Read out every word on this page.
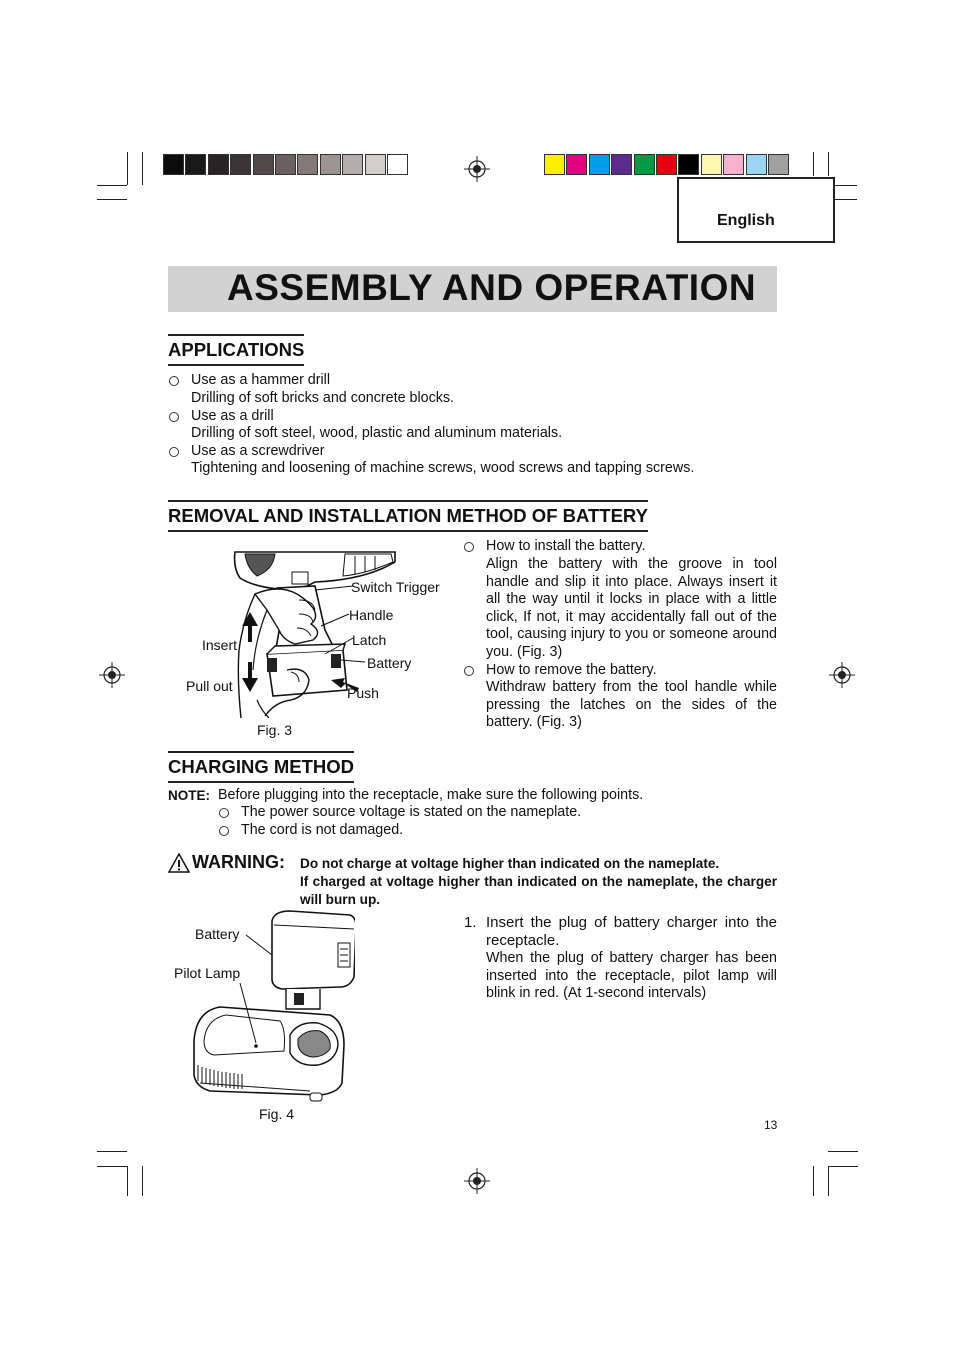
English
ASSEMBLY AND OPERATION
APPLICATIONS
Use as a hammer drill
Drilling of soft bricks and concrete blocks.
Use as a drill
Drilling of soft steel, wood, plastic and aluminum materials.
Use as a screwdriver
Tightening and loosening of machine screws, wood screws and tapping screws.
REMOVAL AND INSTALLATION METHOD OF BATTERY
Switch Trigger
Handle
Latch
Battery
Insert
Pull out	Push
Fig. 3
How to install the battery.
Align the battery with the groove in tool handle and slip it into place. Always insert it all the way until it locks in place with a little click, If not, it may accidentally fall out of the tool, causing injury to you or someone around you. (Fig. 3)
How to remove the battery.
Withdraw battery from the tool handle while pressing the latches on the sides of the battery. (Fig. 3)
CHARGING METHOD
NOTE: Before plugging into the receptacle, make sure the following points.
The power source voltage is stated on the nameplate.
The cord is not damaged.
WARNING: Do not charge at voltage higher than indicated on the nameplate.
If charged at voltage higher than indicated on the nameplate, the charger will burn up.
Battery
Pilot Lamp
Fig. 4
1. Insert the plug of battery charger into the receptacle.
When the plug of battery charger has been inserted into the receptacle, pilot lamp will blink in red. (At 1-second intervals)
13
